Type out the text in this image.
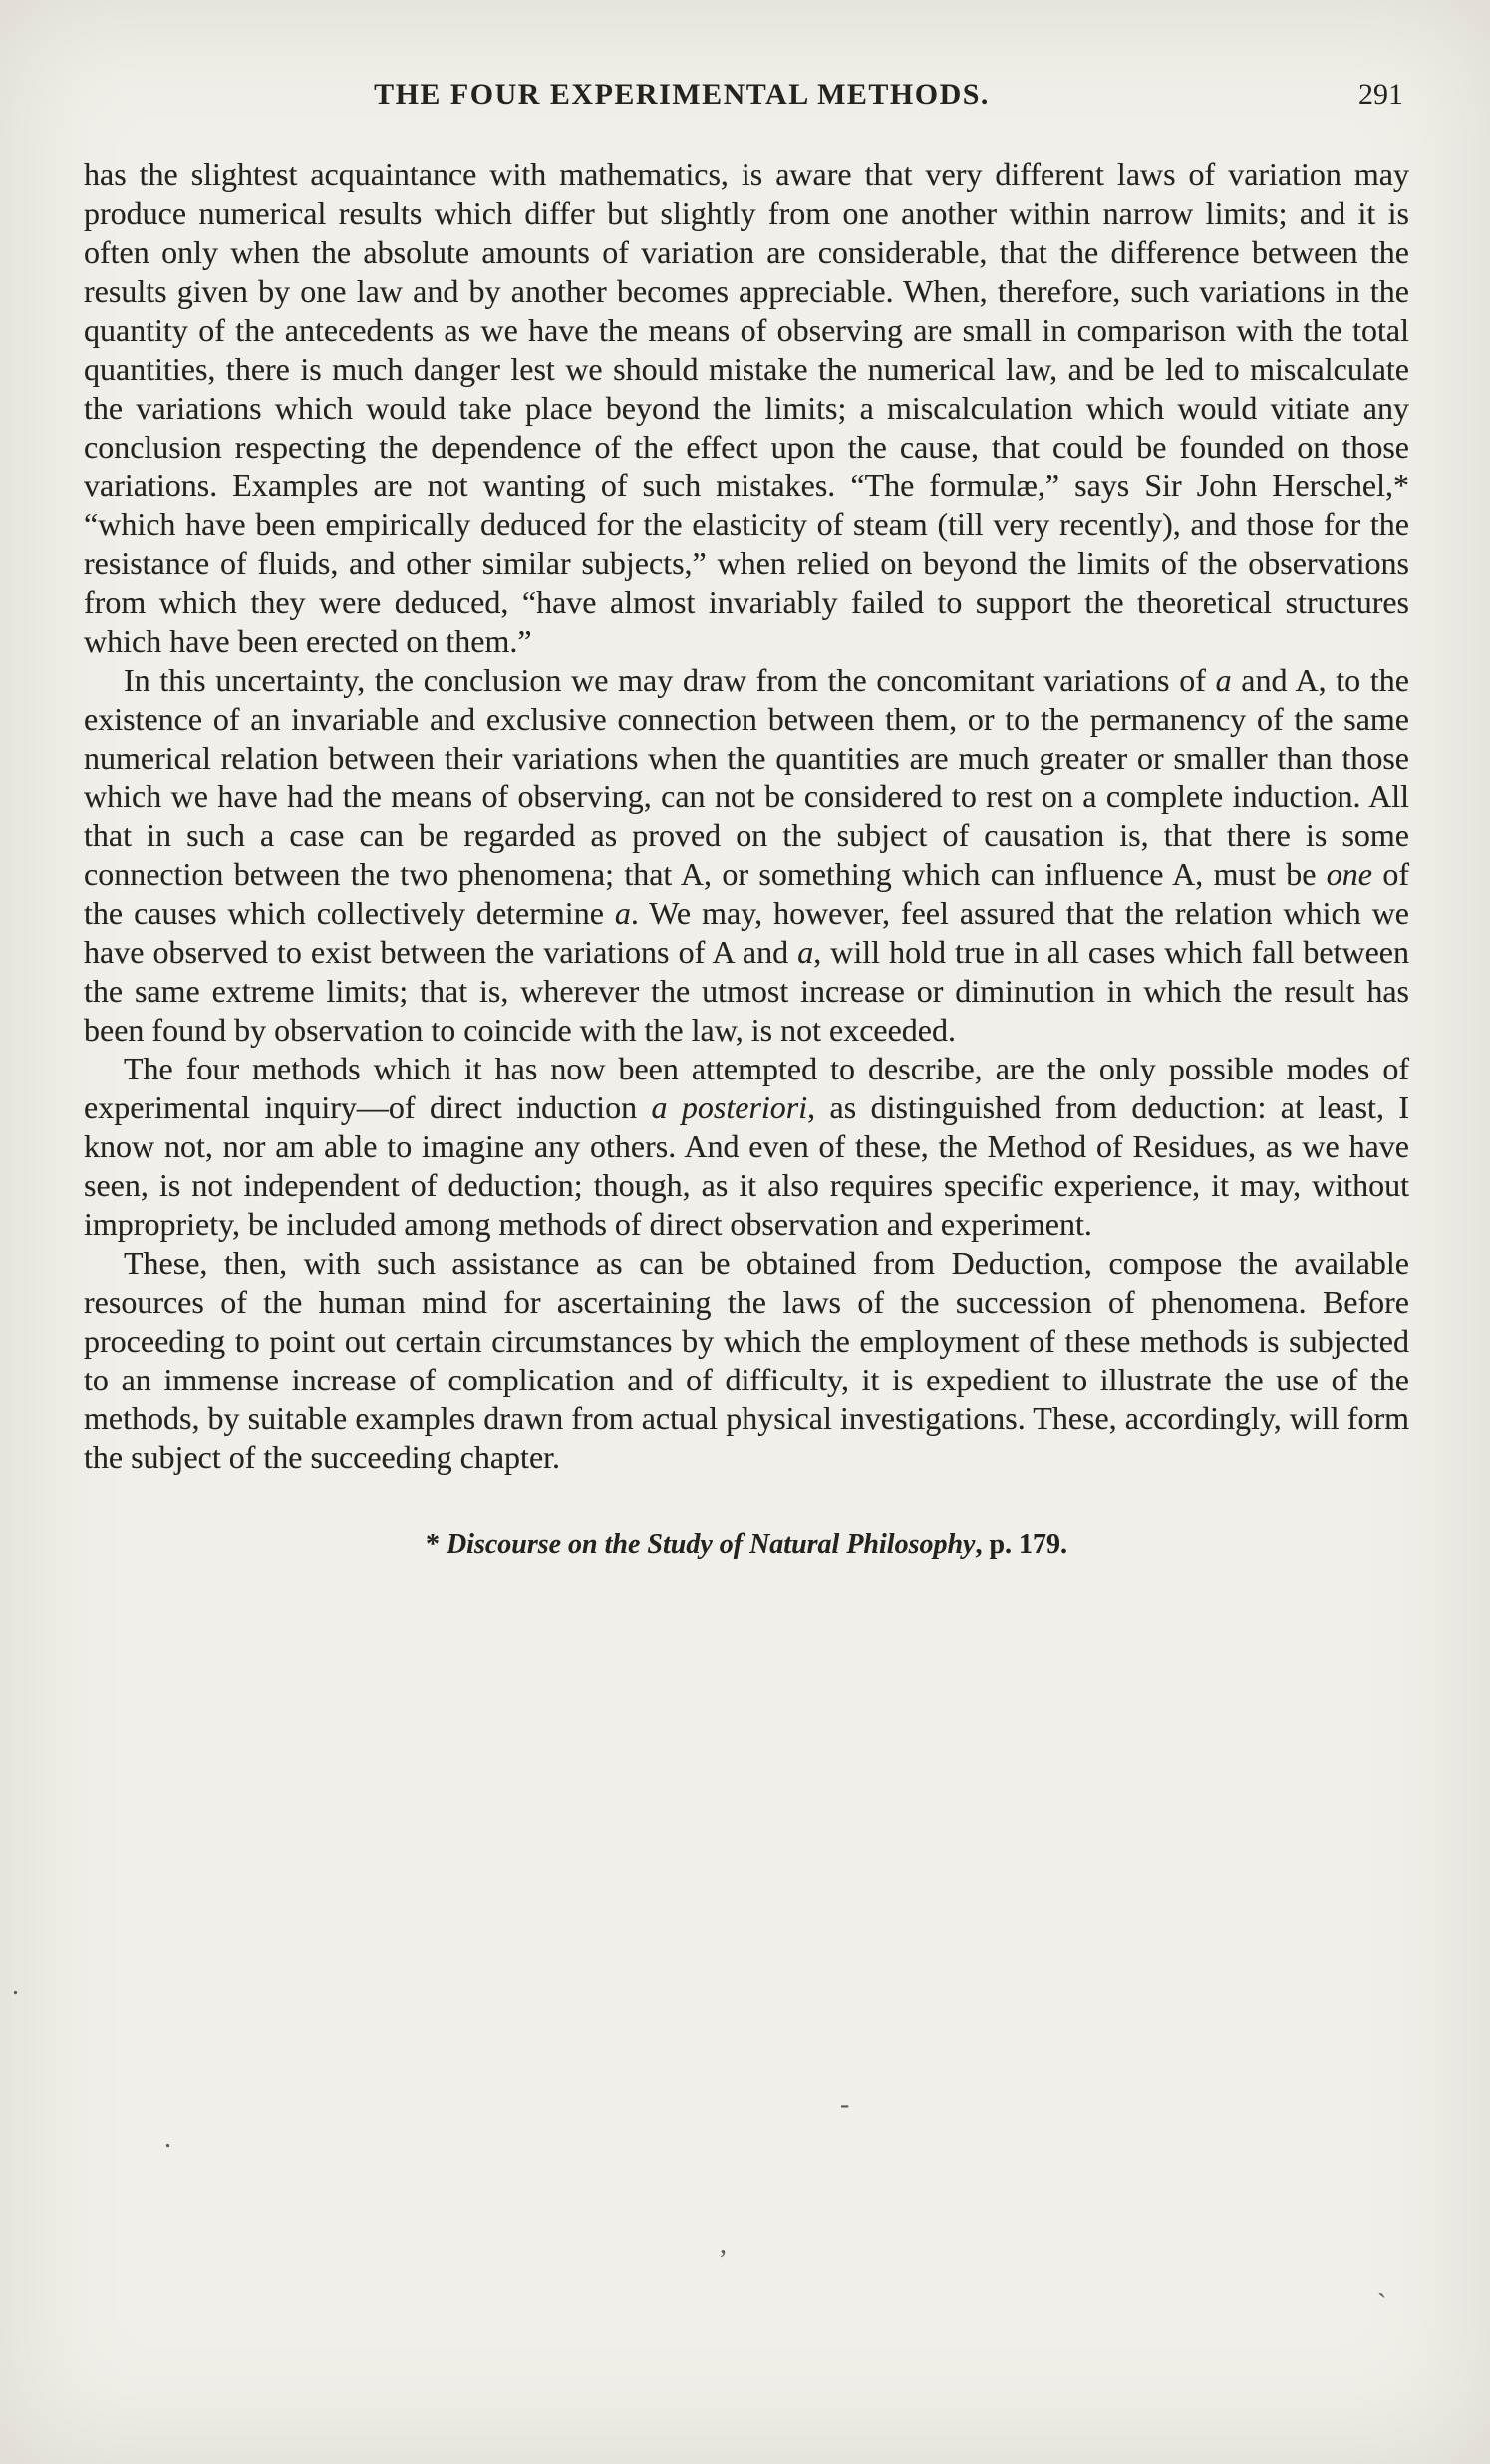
THE FOUR EXPERIMENTAL METHODS.	291

has the slightest acquaintance with mathematics, is aware that very different laws of variation may produce numerical results which differ but slightly from one another within narrow limits; and it is often only when the absolute amounts of variation are considerable, that the difference between the results given by one law and by another becomes appreciable. When, therefore, such variations in the quantity of the antecedents as we have the means of observing are small in comparison with the total quantities, there is much danger lest we should mistake the numerical law, and be led to miscalculate the variations which would take place beyond the limits; a miscalculation which would vitiate any conclusion respecting the dependence of the effect upon the cause, that could be founded on those variations. Examples are not wanting of such mistakes. “The formulæ,” says Sir John Herschel,* “which have been empirically deduced for the elasticity of steam (till very recently), and those for the resistance of fluids, and other similar subjects,” when relied on beyond the limits of the observations from which they were deduced, “have almost invariably failed to support the theoretical structures which have been erected on them.”

In this uncertainty, the conclusion we may draw from the concomitant variations of a and A, to the existence of an invariable and exclusive connection between them, or to the permanency of the same numerical relation between their variations when the quantities are much greater or smaller than those which we have had the means of observing, can not be considered to rest on a complete induction. All that in such a case can be regarded as proved on the subject of causation is, that there is some connection between the two phenomena; that A, or something which can influence A, must be one of the causes which collectively determine a. We may, however, feel assured that the relation which we have observed to exist between the variations of A and a, will hold true in all cases which fall between the same extreme limits; that is, wherever the utmost increase or diminution in which the result has been found by observation to coincide with the law, is not exceeded.

The four methods which it has now been attempted to describe, are the only possible modes of experimental inquiry—of direct induction a posteriori, as distinguished from deduction: at least, I know not, nor am able to imagine any others. And even of these, the Method of Residues, as we have seen, is not independent of deduction; though, as it also requires specific experience, it may, without impropriety, be included among methods of direct observation and experiment.

These, then, with such assistance as can be obtained from Deduction, compose the available resources of the human mind for ascertaining the laws of the succession of phenomena. Before proceeding to point out certain circumstances by which the employment of these methods is subjected to an immense increase of complication and of difficulty, it is expedient to illustrate the use of the methods, by suitable examples drawn from actual physical investigations. These, accordingly, will form the subject of the succeeding chapter.

* Discourse on the Study of Natural Philosophy, p. 179.
.
.
-
,
`
